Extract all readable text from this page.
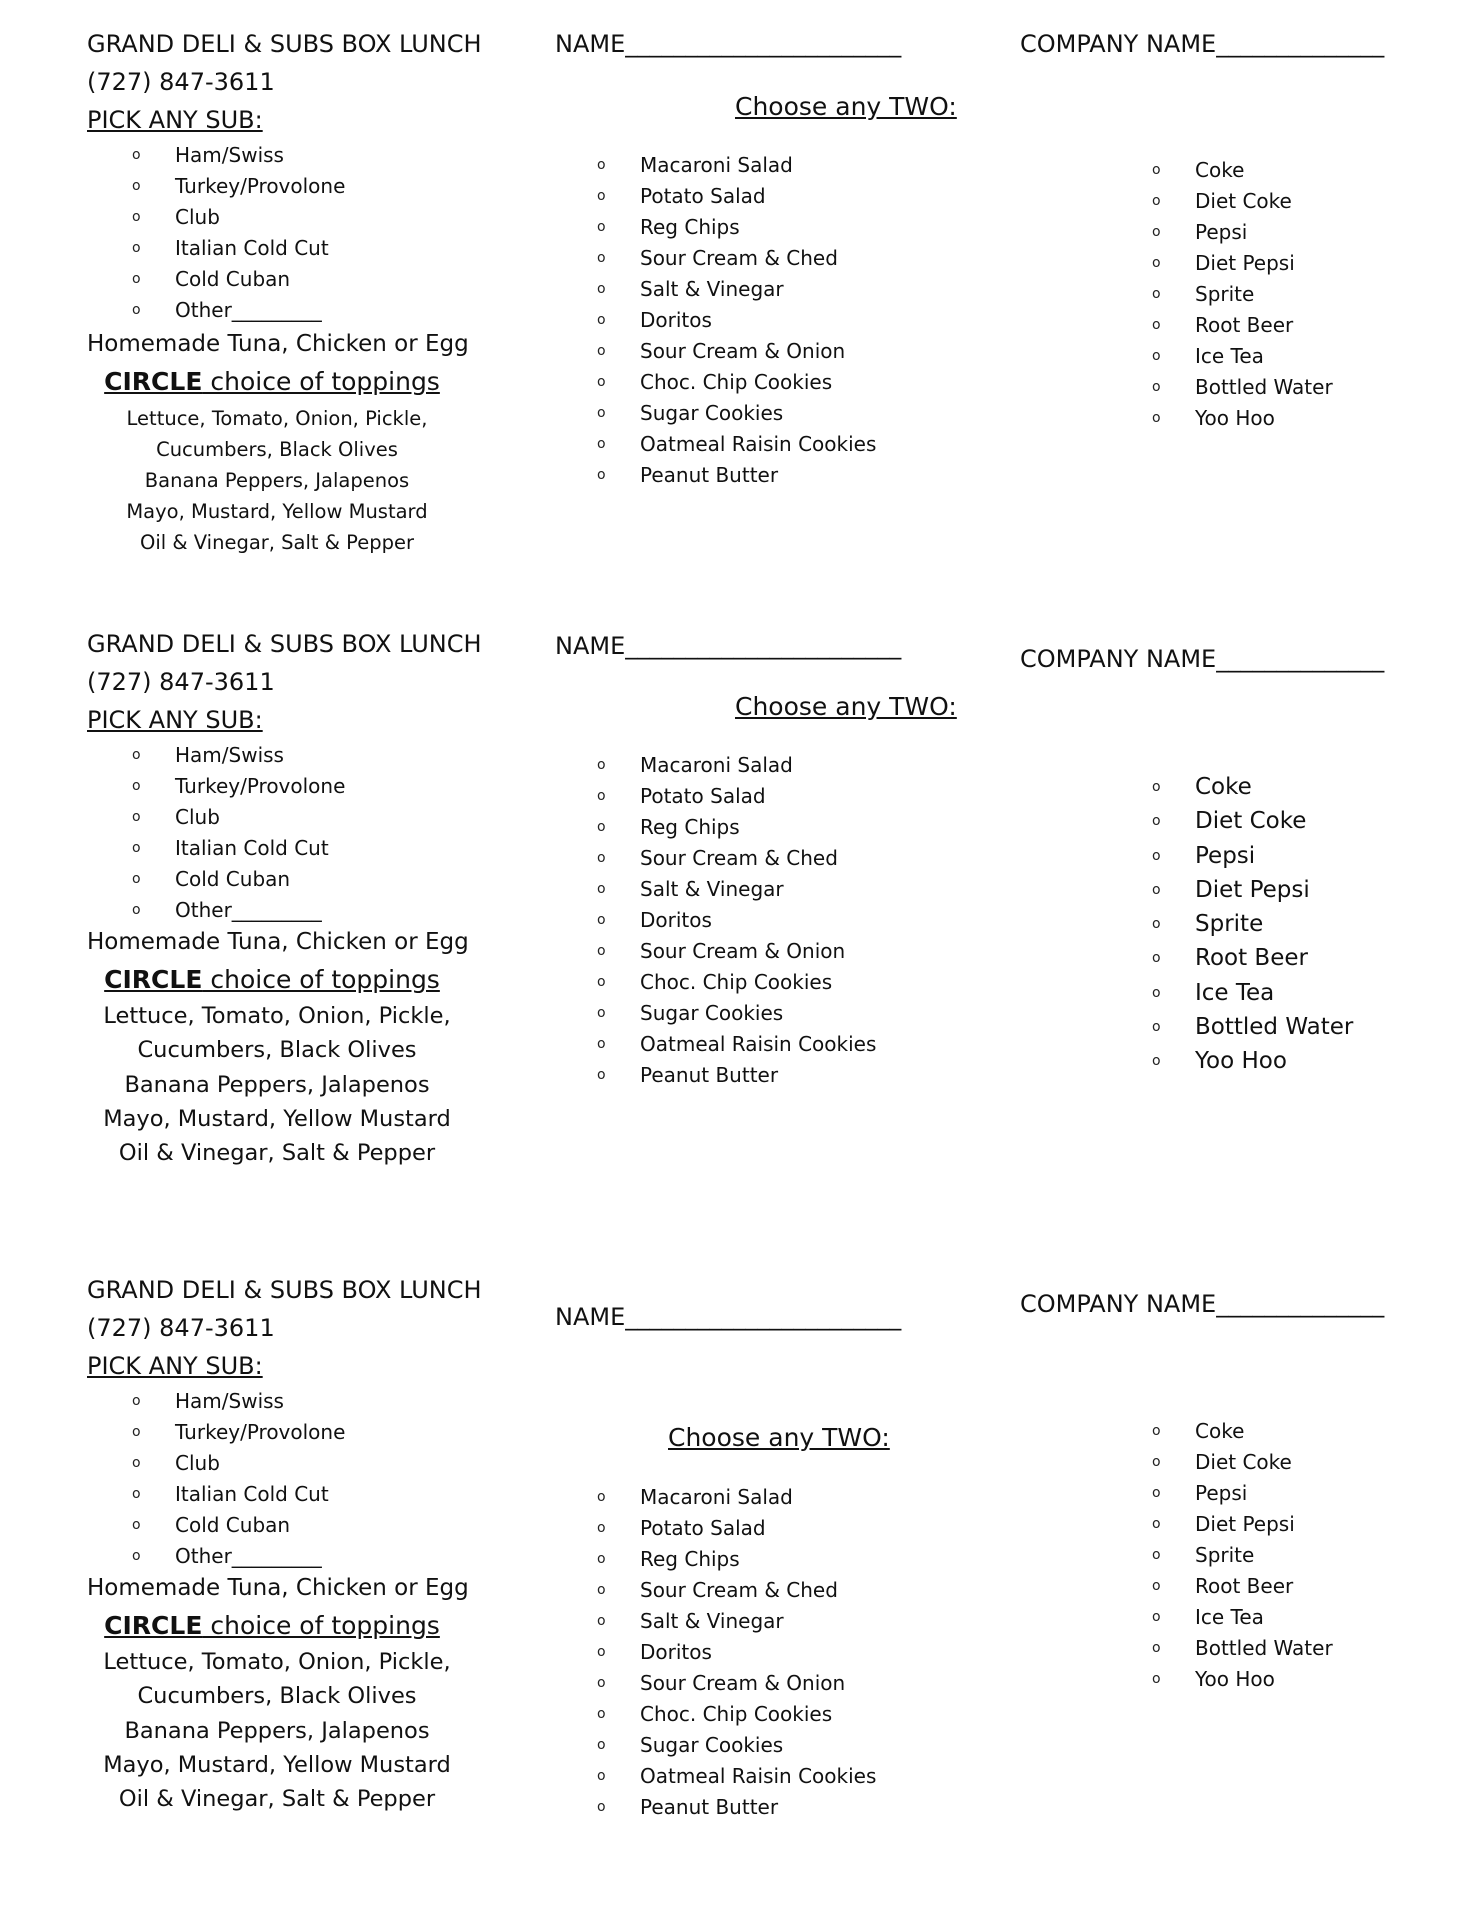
GRAND DELI & SUBS BOX LUNCH
(727) 847-3611
PICK ANY SUB:
o Ham/Swiss
o Turkey/Provolone
o Club
o Italian Cold Cut
o Cold Cuban
o Other_________
Homemade Tuna, Chicken or Egg
CIRCLE choice of toppings
Lettuce, Tomato, Onion, Pickle,
Cucumbers, Black Olives
Banana Peppers, Jalapenos
Mayo, Mustard, Yellow Mustard
Oil & Vinegar, Salt & Pepper
NAME_______________________
Choose any TWO:
o Macaroni Salad
o Potato Salad
o Reg Chips
o Sour Cream & Ched
o Salt & Vinegar
o Doritos
o Sour Cream & Onion
o Choc. Chip Cookies
o Sugar Cookies
o Oatmeal Raisin Cookies
o Peanut Butter
COMPANY NAME______________
o Coke
o Diet Coke
o Pepsi
o Diet Pepsi
o Sprite
o Root Beer
o Ice Tea
o Bottled Water
o Yoo Hoo
GRAND DELI & SUBS BOX LUNCH
(727) 847-3611
PICK ANY SUB:
o Ham/Swiss
o Turkey/Provolone
o Club
o Italian Cold Cut
o Cold Cuban
o Other_________
Homemade Tuna, Chicken or Egg
CIRCLE choice of toppings
Lettuce, Tomato, Onion, Pickle,
Cucumbers, Black Olives
Banana Peppers, Jalapenos
Mayo, Mustard, Yellow Mustard
Oil & Vinegar, Salt & Pepper
NAME_______________________
Choose any TWO:
o Macaroni Salad
o Potato Salad
o Reg Chips
o Sour Cream & Ched
o Salt & Vinegar
o Doritos
o Sour Cream & Onion
o Choc. Chip Cookies
o Sugar Cookies
o Oatmeal Raisin Cookies
o Peanut Butter
COMPANY NAME______________
o Coke
o Diet Coke
o Pepsi
o Diet Pepsi
o Sprite
o Root Beer
o Ice Tea
o Bottled Water
o Yoo Hoo
GRAND DELI & SUBS BOX LUNCH
(727) 847-3611
PICK ANY SUB:
o Ham/Swiss
o Turkey/Provolone
o Club
o Italian Cold Cut
o Cold Cuban
o Other_________
Homemade Tuna, Chicken or Egg
CIRCLE choice of toppings
Lettuce, Tomato, Onion, Pickle,
Cucumbers, Black Olives
Banana Peppers, Jalapenos
Mayo, Mustard, Yellow Mustard
Oil & Vinegar, Salt & Pepper
NAME_______________________
Choose any TWO:
o Macaroni Salad
o Potato Salad
o Reg Chips
o Sour Cream & Ched
o Salt & Vinegar
o Doritos
o Sour Cream & Onion
o Choc. Chip Cookies
o Sugar Cookies
o Oatmeal Raisin Cookies
o Peanut Butter
COMPANY NAME______________
o Coke
o Diet Coke
o Pepsi
o Diet Pepsi
o Sprite
o Root Beer
o Ice Tea
o Bottled Water
o Yoo Hoo
